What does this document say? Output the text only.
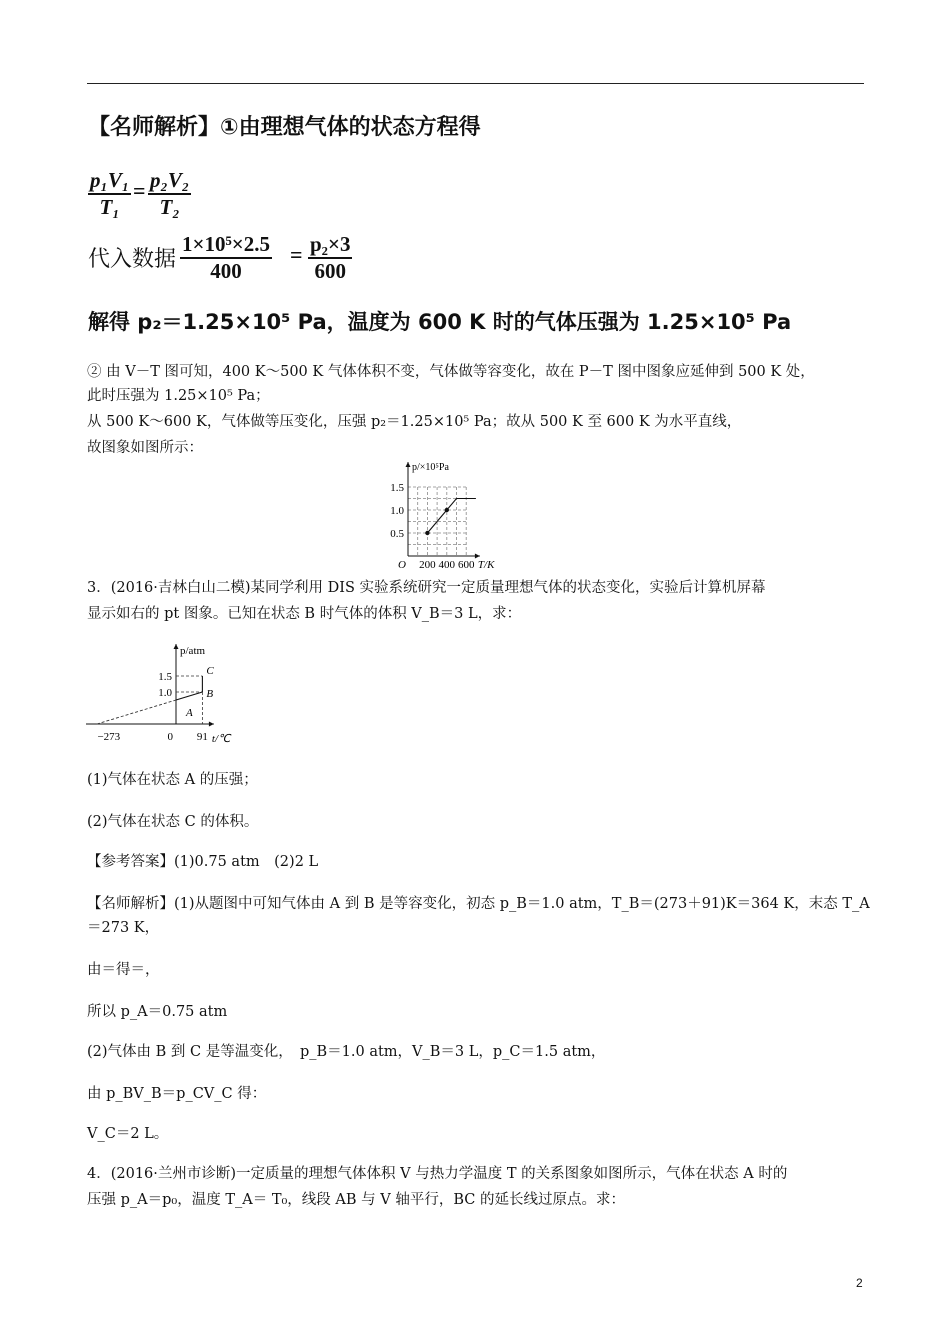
【名师解析】①由理想气体的状态方程得
$\frac{\text{p₁V₁}}{\text{T₁}} = \frac{\text{p₂V₂}}{\text{T₂}}$
代入数据 $\frac{\text{1×10⁵×2.5}}{400} = \frac{\text{p₂×3}}{600}$
解得 p₂＝1.25×10⁵ Pa，温度为 600 K 时的气体压强为 1.25×10⁵ Pa
② 由 V－T 图可知，400 K～500 K 气体体积不变，气体做等容变化，故在 P－T 图中图象应延伸到 500 K 处，
此时压强为 1.25×10⁵ Pa；
从 500 K～600 K，气体做等压变化，压强 p₂＝1.25×10⁵ Pa；故从 500 K 至 600 K 为水平直线，
故图象如图所示：
200 400 600
0.5
1.0
1.5
O
p/×10⁵Pa
T/K
3．(2016·吉林白山二模)某同学利用 DIS 实验系统研究一定质量理想气体的状态变化，实验后计算机屏幕
显示如右的 pt 图象。已知在状态 B 时气体的体积 V_B＝3 L，求：
A
B
C
−273	0 91
1.0
1.5
p/atm
t/℃
(1)气体在状态 A 的压强；
(2)气体在状态 C 的体积。
【参考答案】(1)0.75 atm　(2)2 L
【名师解析】(1)从题图中可知气体由 A 到 B 是等容变化，初态 p_B＝1.0 atm，T_B＝(273＋91)K＝364 K，末态 T_A
＝273 K，
由＝得＝，
所以 p_A＝0.75 atm
(2)气体由 B 到 C 是等温变化，　p_B＝1.0 atm，V_B＝3 L，p_C＝1.5 atm，
由 p_BV_B＝p_CV_C 得：
V_C＝2 L。
4．(2016·兰州市诊断)一定质量的理想气体体积 V 与热力学温度 T 的关系图象如图所示，气体在状态 A 时的
压强 p_A＝p₀，温度 T_A＝ T₀，线段 AB 与 V 轴平行，BC 的延长线过原点。求：
2
